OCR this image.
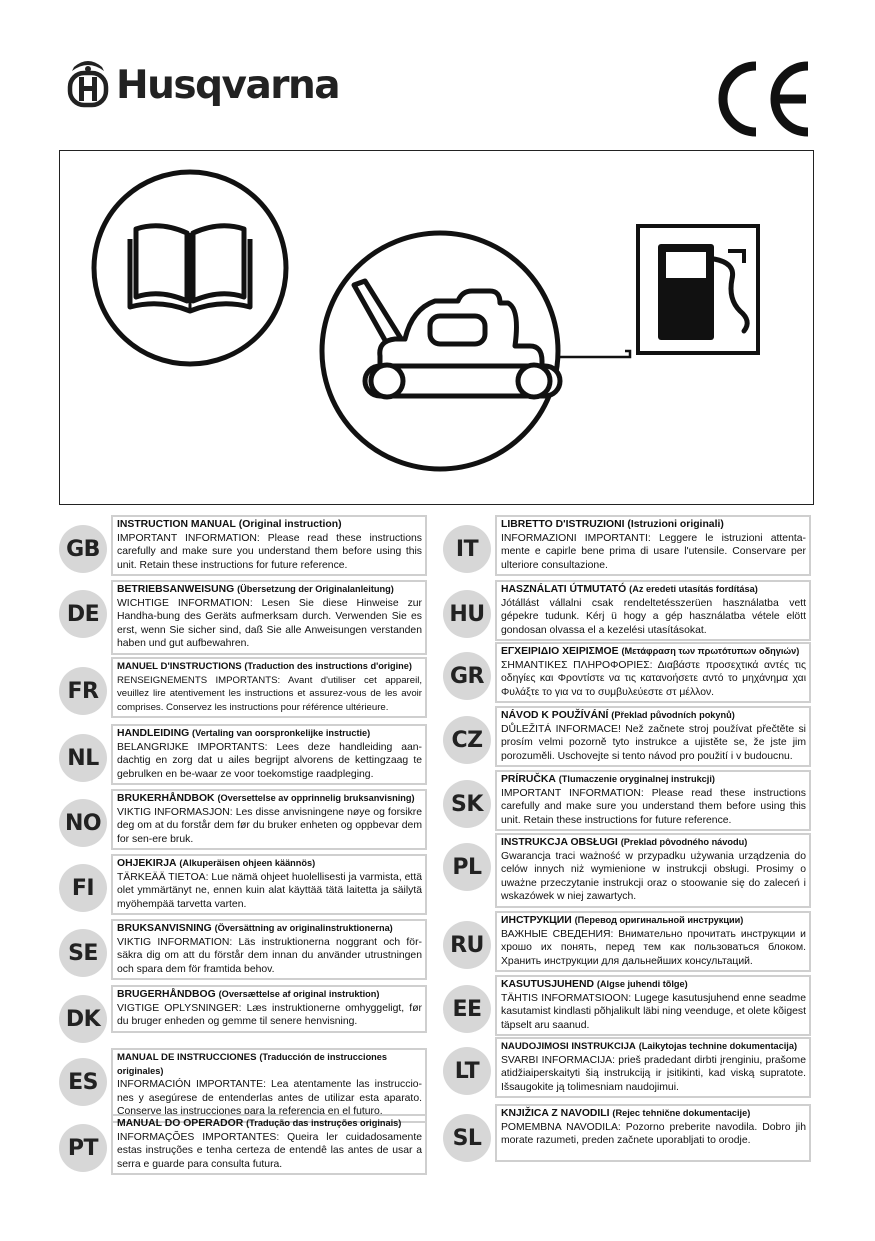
Husqvarna
GB
INSTRUCTION MANUAL (Original instruction)
IMPORTANT INFORMATION: Please read these instructions carefully and make sure you understand them before using this unit. Retain these instructions for future reference.
DE
BETRIEBSANWEISUNG (Übersetzung der Originalanleitung)
WICHTIGE INFORMATION: Lesen Sie diese Hinweise zur Handha-bung des Geräts aufmerksam durch. Verwenden Sie es erst, wenn Sie sicher sind, daß Sie alle Anweisungen verstanden haben und gut aufbewahren.
FR
MANUEL D'INSTRUCTIONS (Traduction des instructions d'origine)
RENSEIGNEMENTS IMPORTANTS: Avant d'utiliser cet appareil, veuillez lire atentivement les instructions et assurez-vous de les avoir comprises. Conservez les instructions pour référence ultérieure.
NL
HANDLEIDING (Vertaling van oorspronkelijke instructie)
BELANGRIJKE IMPORTANTS: Lees deze handleiding aan-dachtig en zorg dat u ailes begrijpt alvorens de kettingzaag te gebrulken en be-waar ze voor toekomstige raadpleging.
NO
BRUKERHÅNDBOK (Oversettelse av opprinnelig bruksanvisning)
VIKTIG INFORMASJON: Les disse anvisningene nøye og forsikre deg om at du forstår dem før du bruker enheten og oppbevar dem for sen-ere bruk.
FI
OHJEKIRJA (Alkuperäisen ohjeen käännös)
TÄRKEÄÄ TIETOA: Lue nämä ohjeet huolellisesti ja varmista, että olet ymmärtänyt ne, ennen kuin alat käyttää tätä laitetta ja säilytä myöhempää tarvetta varten.
SE
BRUKSANVISNING (Översättning av originalinstruktionerna)
VIKTIG INFORMATION: Läs instruktionerna noggrant och för-säkra dig om att du förstår dem innan du använder utrustningen och spara dem för framtida behov.
DK
BRUGERHÅNDBOG (Oversættelse af original instruktion)
VIGTIGE OPLYSNINGER: Læs instruktionerne omhyggeligt, før du bruger enheden og gemme til senere henvisning.
ES
MANUAL DE INSTRUCCIONES (Traducción de instrucciones originales)
INFORMACIÓN IMPORTANTE: Lea atentamente las instruccio-nes y asegúrese de entenderlas antes de utilizar esta aparato. Conserve las instrucciones para la referencia en el futuro.
PT
MANUAL DO OPERADOR (Tradução das instruções originais)
INFORMAÇÕES IMPORTANTES: Queira ler cuidadosamente estas instruções e tenha certeza de entendê las antes de usar a serra e guarde para consulta futura.
IT
LIBRETTO D'ISTRUZIONI (Istruzioni originali)
INFORMAZIONI IMPORTANTI: Leggere le istruzioni attenta-mente e capirle bene prima di usare l'utensile. Conservare per ulteriore consultazione.
HU
HASZNÁLATI ÚTMUTATÓ (Az eredeti utasítás fordítása)
Jótállást vállalni csak rendeltetésszerüen használatba vett gépekre tudunk. Kérj ü hogy a gép használatba vétele elött gondosan olvassa el a kezelési utasításokat.
GR
ΕΓΧΕΙΡΙΔΙΟ ΧΕΙΡΙΣΜΟΕ (Μετάφραση των πρωτότυπων οδηγιών)
ΣΗΜΑΝΤΙΚΕΣ ΠΛΗΡΟΦΟΡΙΕΣ: Διαβάστε προσεχτικά αντές τις οδηγίες και Φροντίστε να τις κατανοήσετε αντό το μηχάνημα χαι Φυλάξτε το για να το συμβυλεύεστε στ μέλλον.
CZ
NÁVOD K POUŽÍVÁNÍ (Překlad původních pokynů)
DŮLEŽITÁ INFORMACE! Než začnete stroj používat přečtěte si prosím velmi pozorně tyto instrukce a ujistěte se, že jste jim porozuměli. Uschovejte si tento návod pro použití i v budoucnu.
SK
PRÍRUČKA (Tlumaczenie oryginalnej instrukcji)
IMPORTANT INFORMATION: Please read these instructions carefully and make sure you understand them before using this unit. Retain these instructions for future reference.
PL
INSTRUKCJA OBSŁUGI (Preklad pôvodného návodu)
Gwarancja traci ważność w przypadku używania urządzenia do celów innych niż wymienione w instrukcji obsługi. Prosimy o uważne przeczytanie instrukcji oraz o stoowanie się do zaleceń i wskazówek w niej zawartych.
RU
ИНСТРУКЦИИ (Перевод оригинальной инструкции)
ВАЖНЫЕ СВЕДЕНИЯ: Внимательно прочитать инструкции и хрошо их понять, перед тем как пользоваться блоком. Хранить инструкции для дальнейших консультаций.
EE
KASUTUSJUHEND (Algse juhendi tõlge)
TÄHTIS INFORMATSIOON: Lugege kasutusjuhend enne seadme kasutamist kindlasti põhjalikult läbi ning veenduge, et olete kõigest täpselt aru saanud.
LT
NAUDOJIMOSI INSTRUKCIJA (Laikytojas technine dokumentacija)
SVARBI INFORMACIJA: prieš pradedant dirbti įrenginiu, prašome atidžiaiperskaityti šią instrukciją ir įsitikinti, kad viską supratote. Išsaugokite ją tolimesniam naudojimui.
SL
KNJIŽICA Z NAVODILI (Rejec tehnične dokumentacije)
POMEMBNA NAVODILA: Pozorno preberite navodila. Dobro jih morate razumeti, preden začnete uporabljati to orodje.
